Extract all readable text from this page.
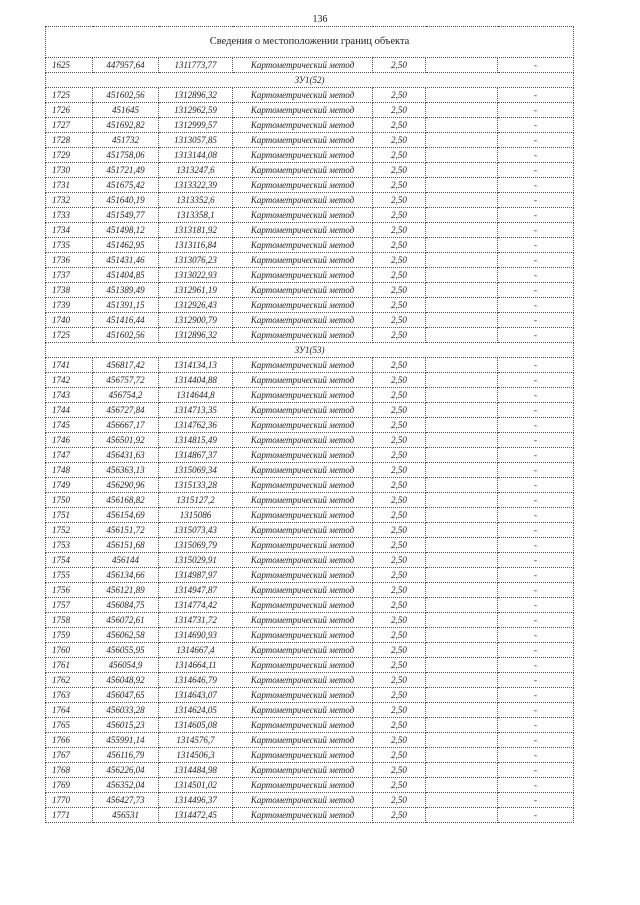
136
Сведения о местоположении границ объекта						
1625	447957,64	1311773,77	Картометрический метод	2,50		-
ЗУ1(52)						
1725	451602,56	1312896,32	Картометрический метод	2,50		-
1726	451645	1312962,59	Картометрический метод	2,50		-
1727	451692,82	1312999,57	Картометрический метод	2,50		-
1728	451732	1313057,85	Картометрический метод	2,50		-
1729	451758,06	1313144,08	Картометрический метод	2,50		-
1730	451721,49	1313247,6	Картометрический метод	2,50		-
1731	451675,42	1313322,39	Картометрический метод	2,50		-
1732	451640,19	1313352,6	Картометрический метод	2,50		-
1733	451549,77	1313358,1	Картометрический метод	2,50		-
1734	451498,12	1313181,92	Картометрический метод	2,50		-
1735	451462,95	1313116,84	Картометрический метод	2,50		-
1736	451431,46	1313076,23	Картометрический метод	2,50		-
1737	451404,85	1313022,93	Картометрический метод	2,50		-
1738	451389,49	1312961,19	Картометрический метод	2,50		-
1739	451391,15	1312926,43	Картометрический метод	2,50		-
1740	451416,44	1312900,79	Картометрический метод	2,50		-
1725	451602,56	1312896,32	Картометрический метод	2,50		-
ЗУ1(53)						
1741	456817,42	1314134,13	Картометрический метод	2,50		-
1742	456757,72	1314404,88	Картометрический метод	2,50		-
1743	456754,2	1314644,8	Картометрический метод	2,50		-
1744	456727,84	1314713,35	Картометрический метод	2,50		-
1745	456667,17	1314762,36	Картометрический метод	2,50		-
1746	456501,92	1314815,49	Картометрический метод	2,50		-
1747	456431,63	1314867,37	Картометрический метод	2,50		-
1748	456363,13	1315069,34	Картометрический метод	2,50		-
1749	456290,96	1315133,28	Картометрический метод	2,50		-
1750	456168,82	1315127,2	Картометрический метод	2,50		-
1751	456154,69	1315086	Картометрический метод	2,50		-
1752	456151,72	1315073,43	Картометрический метод	2,50		-
1753	456151,68	1315069,79	Картометрический метод	2,50		-
1754	456144	1315029,91	Картометрический метод	2,50		-
1755	456134,66	1314987,97	Картометрический метод	2,50		-
1756	456121,89	1314947,87	Картометрический метод	2,50		-
1757	456084,75	1314774,42	Картометрический метод	2,50		-
1758	456072,61	1314731,72	Картометрический метод	2,50		-
1759	456062,58	1314690,93	Картометрический метод	2,50		-
1760	456055,95	1314667,4	Картометрический метод	2,50		-
1761	456054,9	1314664,11	Картометрический метод	2,50		-
1762	456048,92	1314646,79	Картометрический метод	2,50		-
1763	456047,65	1314643,07	Картометрический метод	2,50		-
1764	456033,28	1314624,05	Картометрический метод	2,50		-
1765	456015,23	1314605,08	Картометрический метод	2,50		-
1766	455991,14	1314576,7	Картометрический метод	2,50		-
1767	456116,79	1314506,3	Картометрический метод	2,50		-
1768	456226,04	1314484,98	Картометрический метод	2,50		-
1769	456352,04	1314501,02	Картометрический метод	2,50		-
1770	456427,73	1314496,37	Картометрический метод	2,50		-
1771	456531	1314472,45	Картометрический метод	2,50		-
